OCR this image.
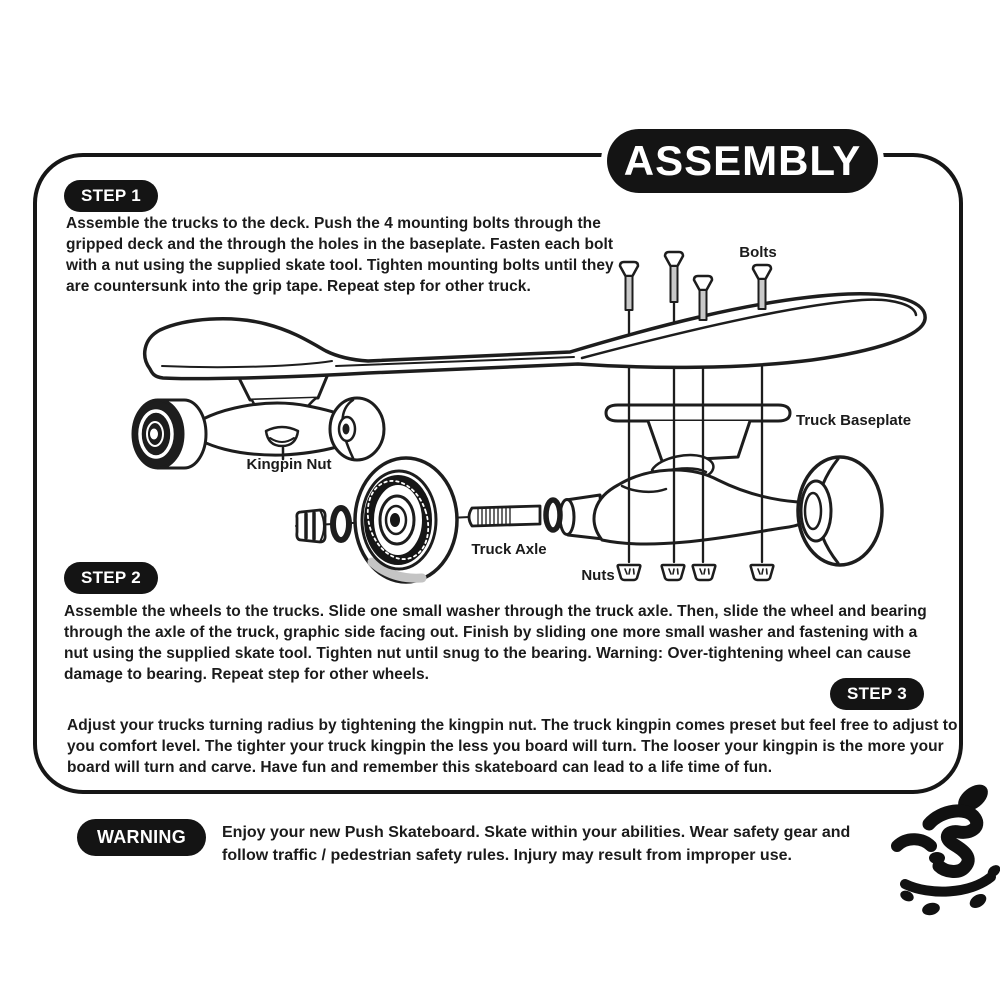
ASSEMBLY
STEP 1

Assemble the trucks to the deck. Push the 4 mounting bolts through the gripped deck and the through the holes in the baseplate. Fasten each bolt with a nut using the supplied skate tool. Tighten mounting bolts until they are countersunk into the grip tape. Repeat step for other truck.

STEP 2

Assemble the wheels to the trucks. Slide one small washer through the truck axle. Then, slide the wheel and bearing through the axle of the truck, graphic side facing out. Finish by sliding one more small washer and fastening with a nut using the supplied skate tool. Tighten nut until snug to the bearing. Warning: Over-tightening wheel can cause damage to bearing. Repeat step for other wheels.

STEP 3

Adjust your trucks turning radius by tightening the kingpin nut. The truck kingpin comes preset but feel free to adjust to you comfort level. The tighter your truck kingpin the less you board will turn. The looser your kingpin is the more your board will turn and carve. Have fun and remember this skateboard can lead to a life time of fun.

WARNING Enjoy your new Push Skateboard. Skate within your abilities. Wear safety gear and follow traffic / pedestrian safety rules. Injury may result from improper use.

Bolts
Truck Baseplate
Kingpin Nut
Truck Axle
Nuts
